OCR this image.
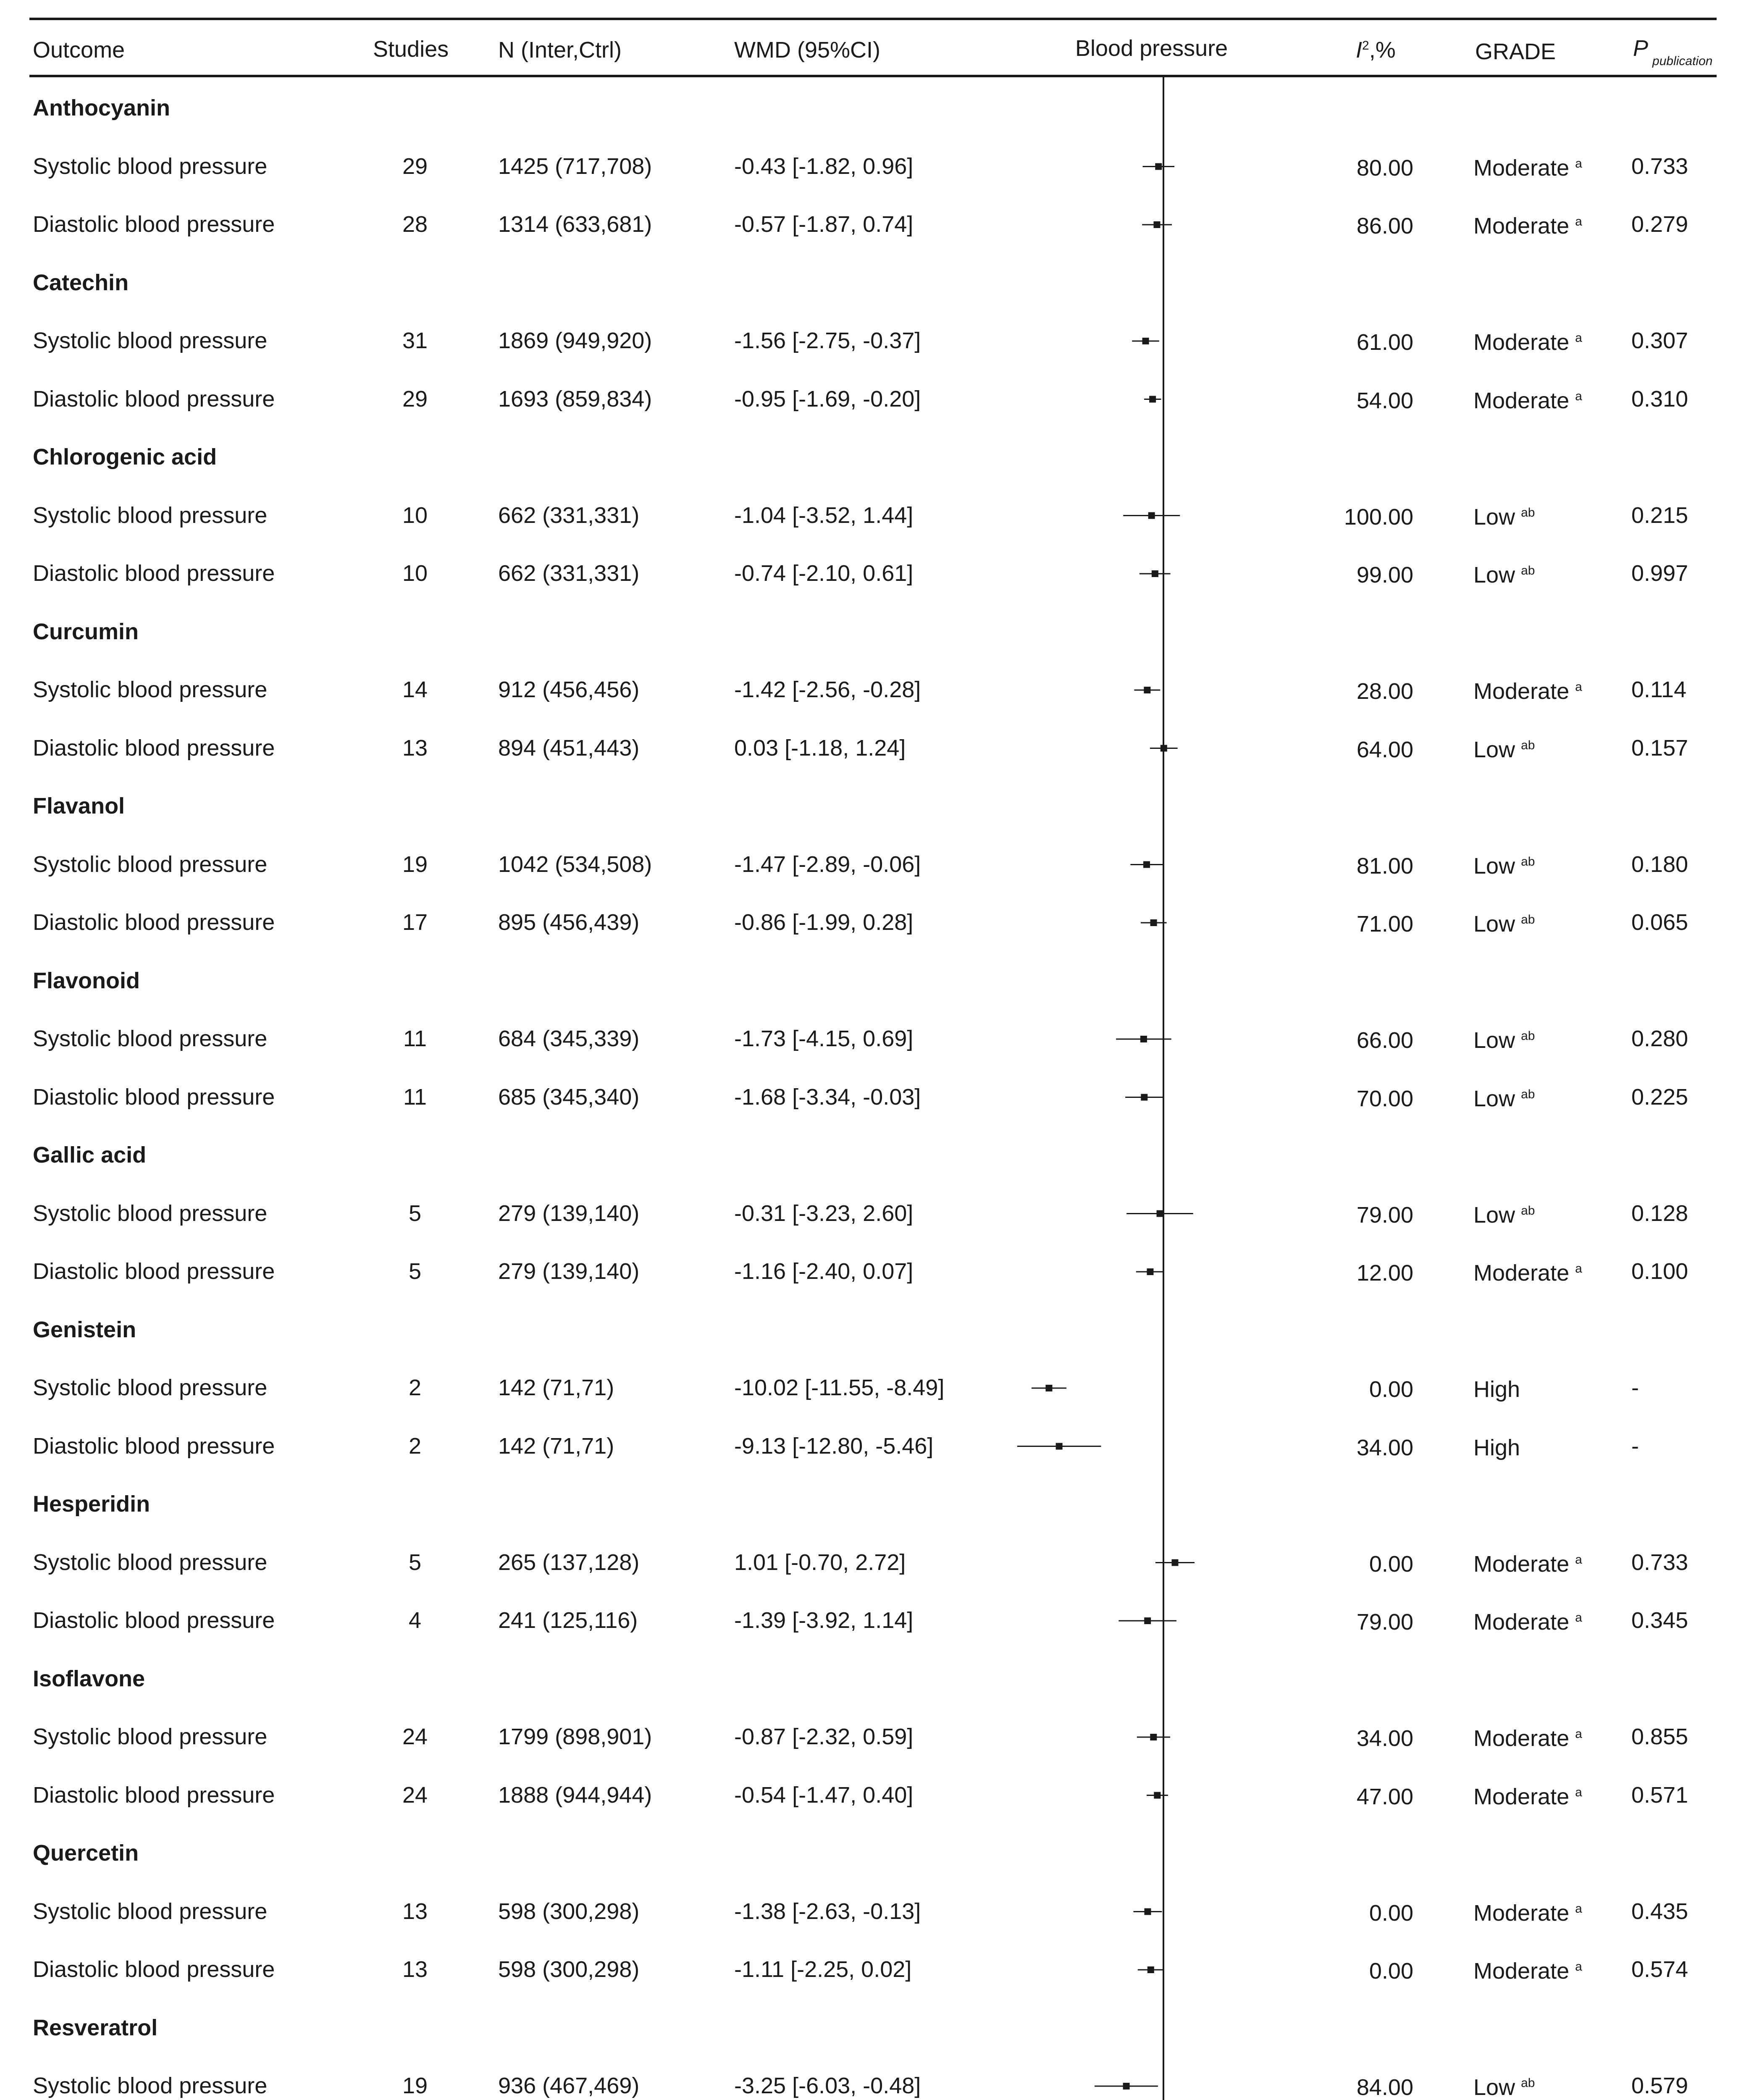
Outcome	Studies N (Inter,Ctrl)	WMD (95%CI)	Blood pressure	$I^2,\%$	GRADE	$P_{publication}$
Anthocyanin
Systolic blood pressure	29	1425 (717,708)	-0.43 [-1.82, 0.96]	80.00	Moderate $^a$ 0.733
Diastolic blood pressure	28	1314 (633,681)	-0.57 [-1.87, 0.74]	86.00	Moderate $^a$ 0.279
Catechin
Systolic blood pressure	31	1869 (949,920)	-1.56 [-2.75, -0.37]	61.00	Moderate $^a$ 0.307
Diastolic blood pressure	29	1693 (859,834)	-0.95 [-1.69, -0.20]	54.00	Moderate $^a$ 0.310
Chlorogenic acid
Systolic blood pressure	10	662 (331,331)	-1.04 [-3.52, 1.44]	100.00	Low $^{ab}$	0.215
Diastolic blood pressure	10	662 (331,331)	-0.74 [-2.10, 0.61]	99.00	Low $^{ab}$	0.997
Curcumin
Systolic blood pressure	14	912 (456,456)	-1.42 [-2.56, -0.28]	28.00	Moderate $^a$ 0.114
Diastolic blood pressure	13	894 (451,443)	0.03 [-1.18, 1.24]	64.00	Low $^{ab}$	0.157
Flavanol
Systolic blood pressure	19	1042 (534,508)	-1.47 [-2.89, -0.06]	81.00	Low $^{ab}$	0.180
Diastolic blood pressure	17	895 (456,439)	-0.86 [-1.99, 0.28]	71.00	Low $^{ab}$	0.065
Flavonoid
Systolic blood pressure	11	684 (345,339)	-1.73 [-4.15, 0.69]	66.00	Low $^{ab}$	0.280
Diastolic blood pressure	11	685 (345,340)	-1.68 [-3.34, -0.03]	70.00	Low $^{ab}$	0.225
Gallic acid
Systolic blood pressure	5	279 (139,140)	-0.31 [-3.23, 2.60]	79.00	Low $^{ab}$	0.128
Diastolic blood pressure	5	279 (139,140)	-1.16 [-2.40, 0.07]	12.00	Moderate $^a$ 0.100
Genistein
Systolic blood pressure	2	142 (71,71)	-10.02 [-11.55, -8.49]	0.00	High	-
Diastolic blood pressure	2	142 (71,71)	-9.13 [-12.80, -5.46]	34.00	High	-
Hesperidin
Systolic blood pressure	5	265 (137,128)	1.01 [-0.70, 2.72]	0.00	Moderate $^a$ 0.733
Diastolic blood pressure	4	241 (125,116)	-1.39 [-3.92, 1.14]	79.00	Moderate $^a$ 0.345
Isoflavone
Systolic blood pressure	24	1799 (898,901)	-0.87 [-2.32, 0.59]	34.00	Moderate $^a$ 0.855
Diastolic blood pressure	24	1888 (944,944)	-0.54 [-1.47, 0.40]	47.00	Moderate $^a$ 0.571
Quercetin
Systolic blood pressure	13	598 (300,298)	-1.38 [-2.63, -0.13]	0.00	Moderate $^a$ 0.435
Diastolic blood pressure	13	598 (300,298)	-1.11 [-2.25, 0.02]	0.00	Moderate $^a$ 0.574
Resveratrol
Systolic blood pressure	19	936 (467,469)	-3.25 [-6.03, -0.48]	84.00	Low $^{ab}$	0.579
